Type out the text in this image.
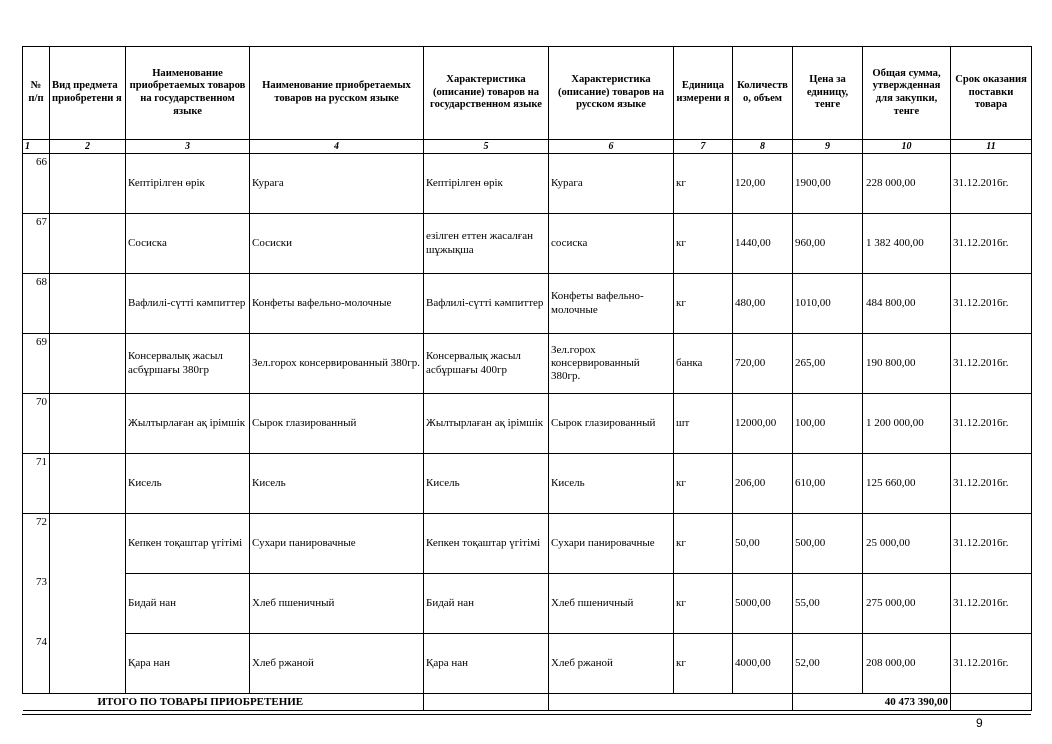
№ п/п	Вид предмета приобретени я	Наименование приобретаемых товаров на государственном языке	Наименование приобретаемых товаров на русском языке	Характеристика (описание) товаров на государственном языке	Характеристика (описание) товаров на русском языке	Единица измерени я	Количеств о, объем	Цена за единицу, тенге	Общая сумма, утвержденная для закупки, тенге	Срок оказания поставки товара
1	2	3	4	5	6	7	8	9	10	11
66		Кептірілген өрік	Курага	Кептірілген өрік	Курага	кг	120,00	1900,00	228 000,00	31.12.2016г.
67		Сосиска	Сосиски	езілген еттен жасалған шұжықша	сосиска	кг	1440,00	960,00	1 382 400,00	31.12.2016г.
68		Вафлилі-сүтті кәмпиттер	Конфеты вафельно-молочные	Вафлилі-сүтті кәмпиттер	Конфеты вафельно-молочные	кг	480,00	1010,00	484 800,00	31.12.2016г.
69		Консервалық жасыл асбұршағы 380гр	Зел.горох консервированный 380гр.	Консервалық жасыл асбұршағы 400гр	Зел.горох консервированный 380гр.	банка	720,00	265,00	190 800,00	31.12.2016г.
70		Жылтырлаған ақ ірімшік	Сырок глазированный	Жылтырлаған ақ ірімшік	Сырок глазированный	шт	12000,00	100,00	1 200 000,00	31.12.2016г.
71		Кисель	Кисель	Кисель	Кисель	кг	206,00	610,00	125 660,00	31.12.2016г.
72		Кепкен тоқаштар үгітімі	Сухари панировачные	Кепкен тоқаштар үгітімі	Сухари панировачные	кг	50,00	500,00	25 000,00	31.12.2016г.
73		Бидай нан	Хлеб пшеничный	Бидай нан	Хлеб пшеничный	кг	5000,00	55,00	275 000,00	31.12.2016г.
74		Қара нан	Хлеб ржаной	Қара нан	Хлеб ржаной	кг	4000,00	52,00	208 000,00	31.12.2016г.
ИТОГО ПО ТОВАРЫ ПРИОБРЕТЕНИЕ								40 473 390,00		
9
